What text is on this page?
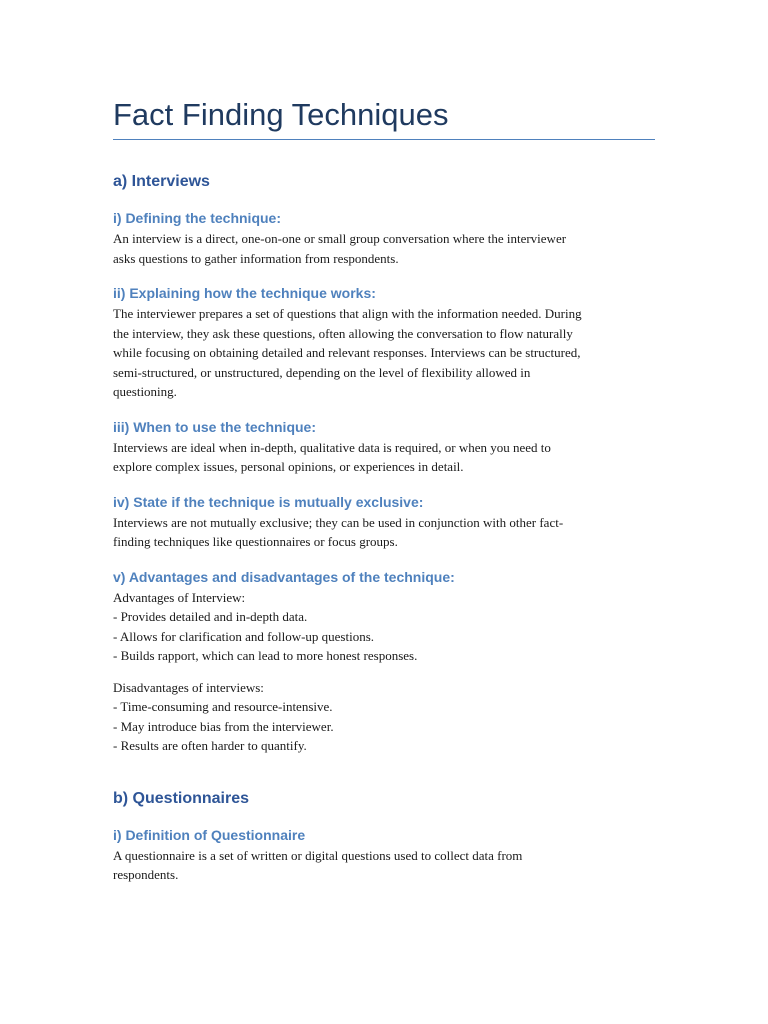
Fact Finding Techniques
a) Interviews
i) Defining the technique:

An interview is a direct, one-on-one or small group conversation where the interviewer
asks questions to gather information from respondents.

ii) Explaining how the technique works:

The interviewer prepares a set of questions that align with the information needed. During
the interview, they ask these questions, often allowing the conversation to flow naturally
while focusing on obtaining detailed and relevant responses. Interviews can be structured,
semi-structured, or unstructured, depending on the level of flexibility allowed in
questioning.

iii) When to use the technique:

Interviews are ideal when in-depth, qualitative data is required, or when you need to
explore complex issues, personal opinions, or experiences in detail.

iv) State if the technique is mutually exclusive:

Interviews are not mutually exclusive; they can be used in conjunction with other fact-
finding techniques like questionnaires or focus groups.

v) Advantages and disadvantages of the technique:

Advantages of Interview:
- Provides detailed and in-depth data.
- Allows for clarification and follow-up questions.
- Builds rapport, which can lead to more honest responses.

Disadvantages of interviews:
- Time-consuming and resource-intensive.
- May introduce bias from the interviewer.
- Results are often harder to quantify.

b) Questionnaires
i) Definition of Questionnaire

A questionnaire is a set of written or digital questions used to collect data from
respondents.
